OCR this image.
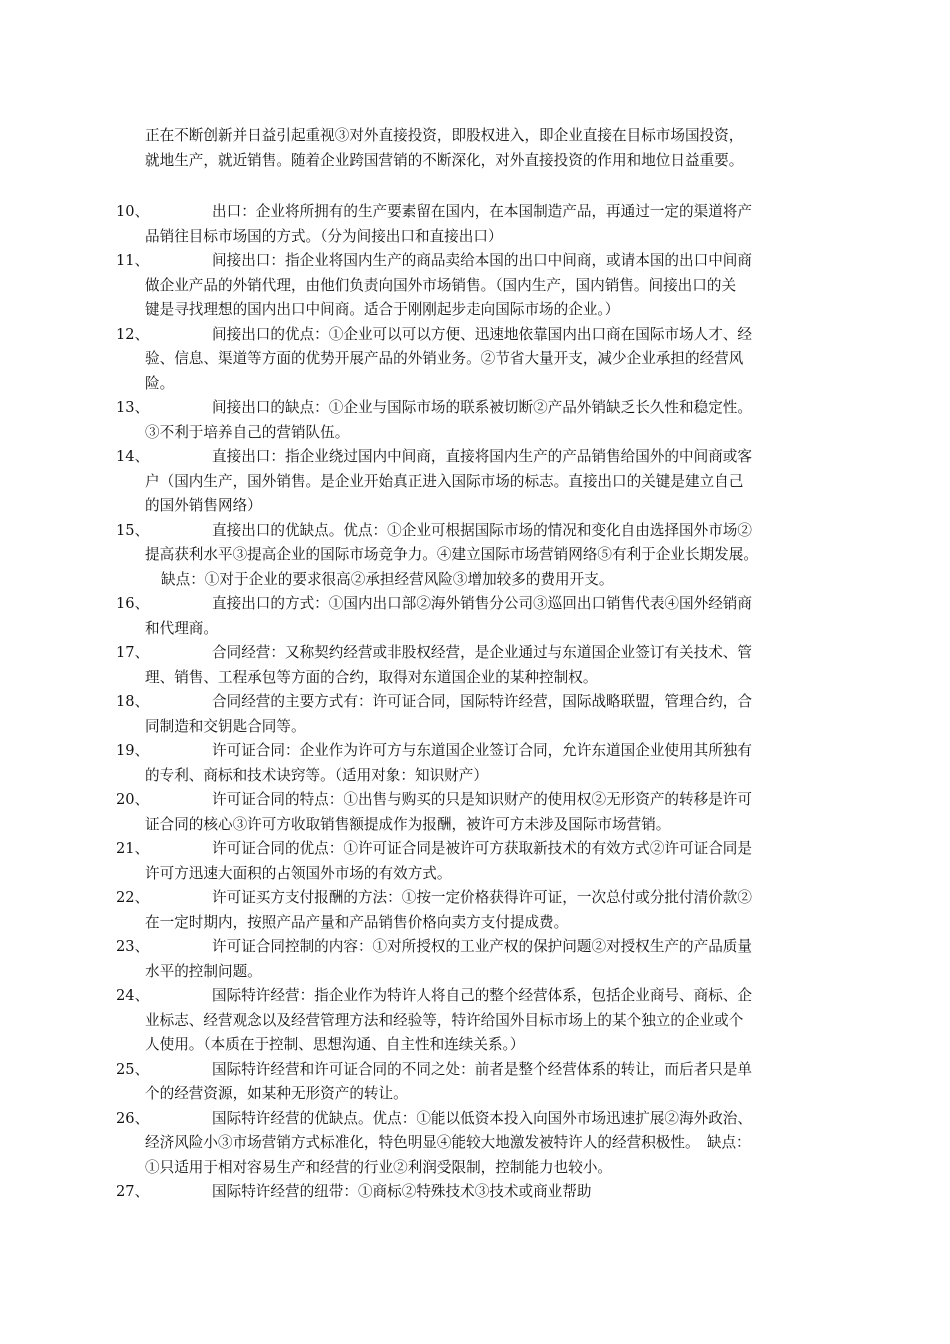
正在不断创新并日益引起重视③对外直接投资，即股权进入，即企业直接在目标市场国投资，

就地生产，就近销售。随着企业跨国营销的不断深化，对外直接投资的作用和地位日益重要。

10、	出口：企业将所拥有的生产要素留在国内，在本国制造产品，再通过一定的渠道将产
品销往目标市场国的方式。（分为间接出口和直接出口）
11、	间接出口：指企业将国内生产的商品卖给本国的出口中间商，或请本国的出口中间商
做企业产品的外销代理，由他们负责向国外市场销售。（国内生产，国内销售。间接出口的关
键是寻找理想的国内出口中间商。适合于刚刚起步走向国际市场的企业。）
12、	间接出口的优点：①企业可以可以方便、迅速地依靠国内出口商在国际市场人才、经
验、信息、渠道等方面的优势开展产品的外销业务。②节省大量开支，减少企业承担的经营风
险。
13、	间接出口的缺点：①企业与国际市场的联系被切断②产品外销缺乏长久性和稳定性。
③不利于培养自己的营销队伍。
14、	直接出口：指企业绕过国内中间商，直接将国内生产的产品销售给国外的中间商或客
户（国内生产，国外销售。是企业开始真正进入国际市场的标志。直接出口的关键是建立自己
的国外销售网络）
15、	直接出口的优缺点。优点：①企业可根据国际市场的情况和变化自由选择国外市场②
提高获利水平③提高企业的国际市场竞争力。④建立国际市场营销网络⑤有利于企业长期发展。
缺点：①对于企业的要求很高②承担经营风险③增加较多的费用开支。
16、	直接出口的方式：①国内出口部②海外销售分公司③巡回出口销售代表④国外经销商
和代理商。
17、	合同经营：又称契约经营或非股权经营，是企业通过与东道国企业签订有关技术、管
理、销售、工程承包等方面的合约，取得对东道国企业的某种控制权。
18、	合同经营的主要方式有：许可证合同，国际特许经营，国际战略联盟，管理合约，合
同制造和交钥匙合同等。
19、	许可证合同：企业作为许可方与东道国企业签订合同，允许东道国企业使用其所独有
的专利、商标和技术诀窍等。（适用对象：知识财产）
20、	许可证合同的特点：①出售与购买的只是知识财产的使用权②无形资产的转移是许可
证合同的核心③许可方收取销售额提成作为报酬，被许可方未涉及国际市场营销。
21、	许可证合同的优点：①许可证合同是被许可方获取新技术的有效方式②许可证合同是
许可方迅速大面积的占领国外市场的有效方式。
22、	许可证买方支付报酬的方法：①按一定价格获得许可证，一次总付或分批付清价款②
在一定时期内，按照产品产量和产品销售价格向卖方支付提成费。
23、	许可证合同控制的内容：①对所授权的工业产权的保护问题②对授权生产的产品质量
水平的控制问题。
24、	国际特许经营：指企业作为特许人将自己的整个经营体系，包括企业商号、商标、企
业标志、经营观念以及经营管理方法和经验等，特许给国外目标市场上的某个独立的企业或个
人使用。（本质在于控制、思想沟通、自主性和连续关系。）
25、	国际特许经营和许可证合同的不同之处：前者是整个经营体系的转让，而后者只是单
个的经营资源，如某种无形资产的转让。
26、	国际特许经营的优缺点。优点：①能以低资本投入向国外市场迅速扩展②海外政治、
经济风险小③市场营销方式标准化，特色明显④能较大地激发被特许人的经营积极性。　缺点：
①只适用于相对容易生产和经营的行业②利润受限制，控制能力也较小。
27、	国际特许经营的纽带：①商标②特殊技术③技术或商业帮助
